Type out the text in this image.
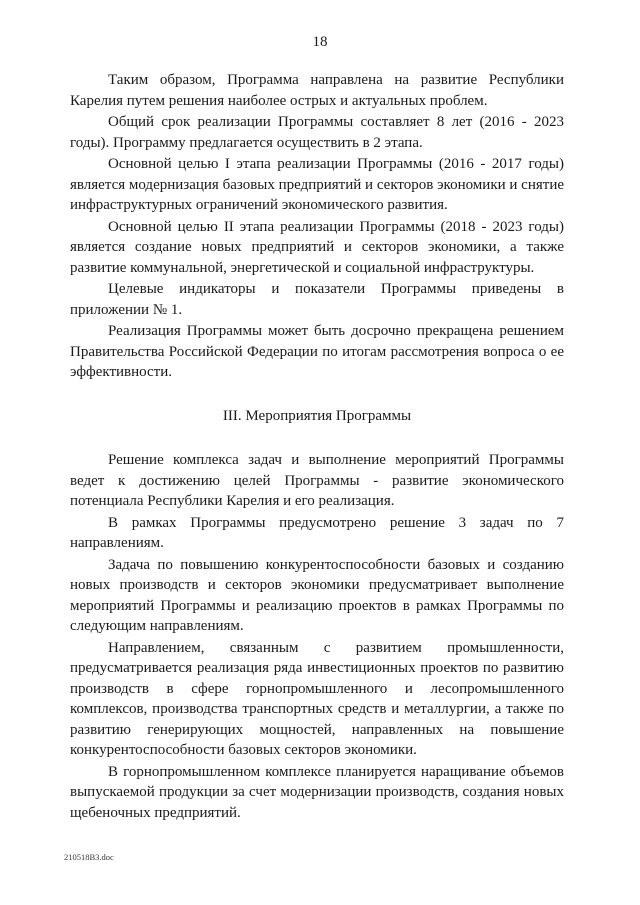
18

Таким образом, Программа направлена на развитие Республики Карелия путем решения наиболее острых и актуальных проблем.

Общий срок реализации Программы составляет 8 лет (2016 - 2023 годы). Программу предлагается осуществить в 2 этапа.

Основной целью I этапа реализации Программы (2016 - 2017 годы) является модернизация базовых предприятий и секторов экономики и снятие инфраструктурных ограничений экономического развития.

Основной целью II этапа реализации Программы (2018 - 2023 годы) является создание новых предприятий и секторов экономики, а также развитие коммунальной, энергетической и социальной инфраструктуры.

Целевые индикаторы и показатели Программы приведены в приложении № 1.

Реализация Программы может быть досрочно прекращена решением Правительства Российской Федерации по итогам рассмотрения вопроса о ее эффективности.

III. Мероприятия Программы

Решение комплекса задач и выполнение мероприятий Программы ведет к достижению целей Программы - развитие экономического потенциала Республики Карелия и его реализация.

В рамках Программы предусмотрено решение 3 задач по 7 направлениям.

Задача по повышению конкурентоспособности базовых и созданию новых производств и секторов экономики предусматривает выполнение мероприятий Программы и реализацию проектов в рамках Программы по следующим направлениям.

Направлением, связанным с развитием промышленности, предусматривается реализация ряда инвестиционных проектов по развитию производств в сфере горнопромышленного и лесопромышленного комплексов, производства транспортных средств и металлургии, а также по развитию генерирующих мощностей, направленных на повышение конкурентоспособности базовых секторов экономики.

В горнопромышленном комплексе планируется наращивание объемов выпускаемой продукции за счет модернизации производств, создания новых щебеночных предприятий.

210518В3.doc
